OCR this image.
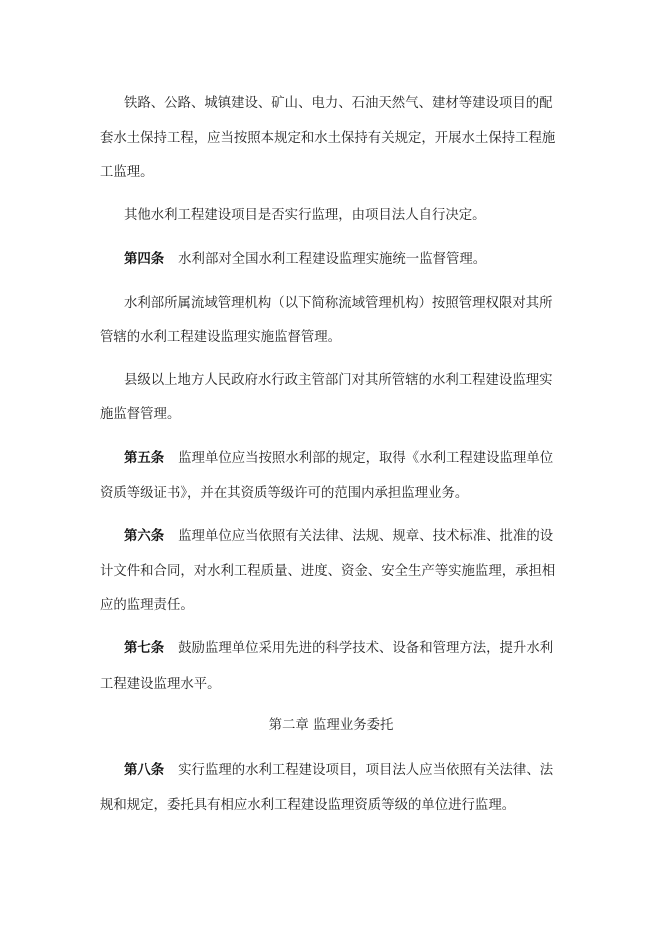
铁路、公路、城镇建设、矿山、电力、石油天然气、建材等建设项目的配
套水土保持工程，应当按照本规定和水土保持有关规定，开展水土保持工程施
工监理。
其他水利工程建设项目是否实行监理，由项目法人自行决定。
第四条 水利部对全国水利工程建设监理实施统一监督管理。
水利部所属流域管理机构（以下简称流域管理机构）按照管理权限对其所
管辖的水利工程建设监理实施监督管理。
县级以上地方人民政府水行政主管部门对其所管辖的水利工程建设监理实
施监督管理。
第五条 监理单位应当按照水利部的规定，取得《水利工程建设监理单位
资质等级证书》，并在其资质等级许可的范围内承担监理业务。
第六条 监理单位应当依照有关法律、法规、规章、技术标准、批准的设
计文件和合同，对水利工程质量、进度、资金、安全生产等实施监理，承担相
应的监理责任。
第七条 鼓励监理单位采用先进的科学技术、设备和管理方法，提升水利
工程建设监理水平。
第二章 监理业务委托
第八条 实行监理的水利工程建设项目，项目法人应当依照有关法律、法
规和规定，委托具有相应水利工程建设监理资质等级的单位进行监理。
